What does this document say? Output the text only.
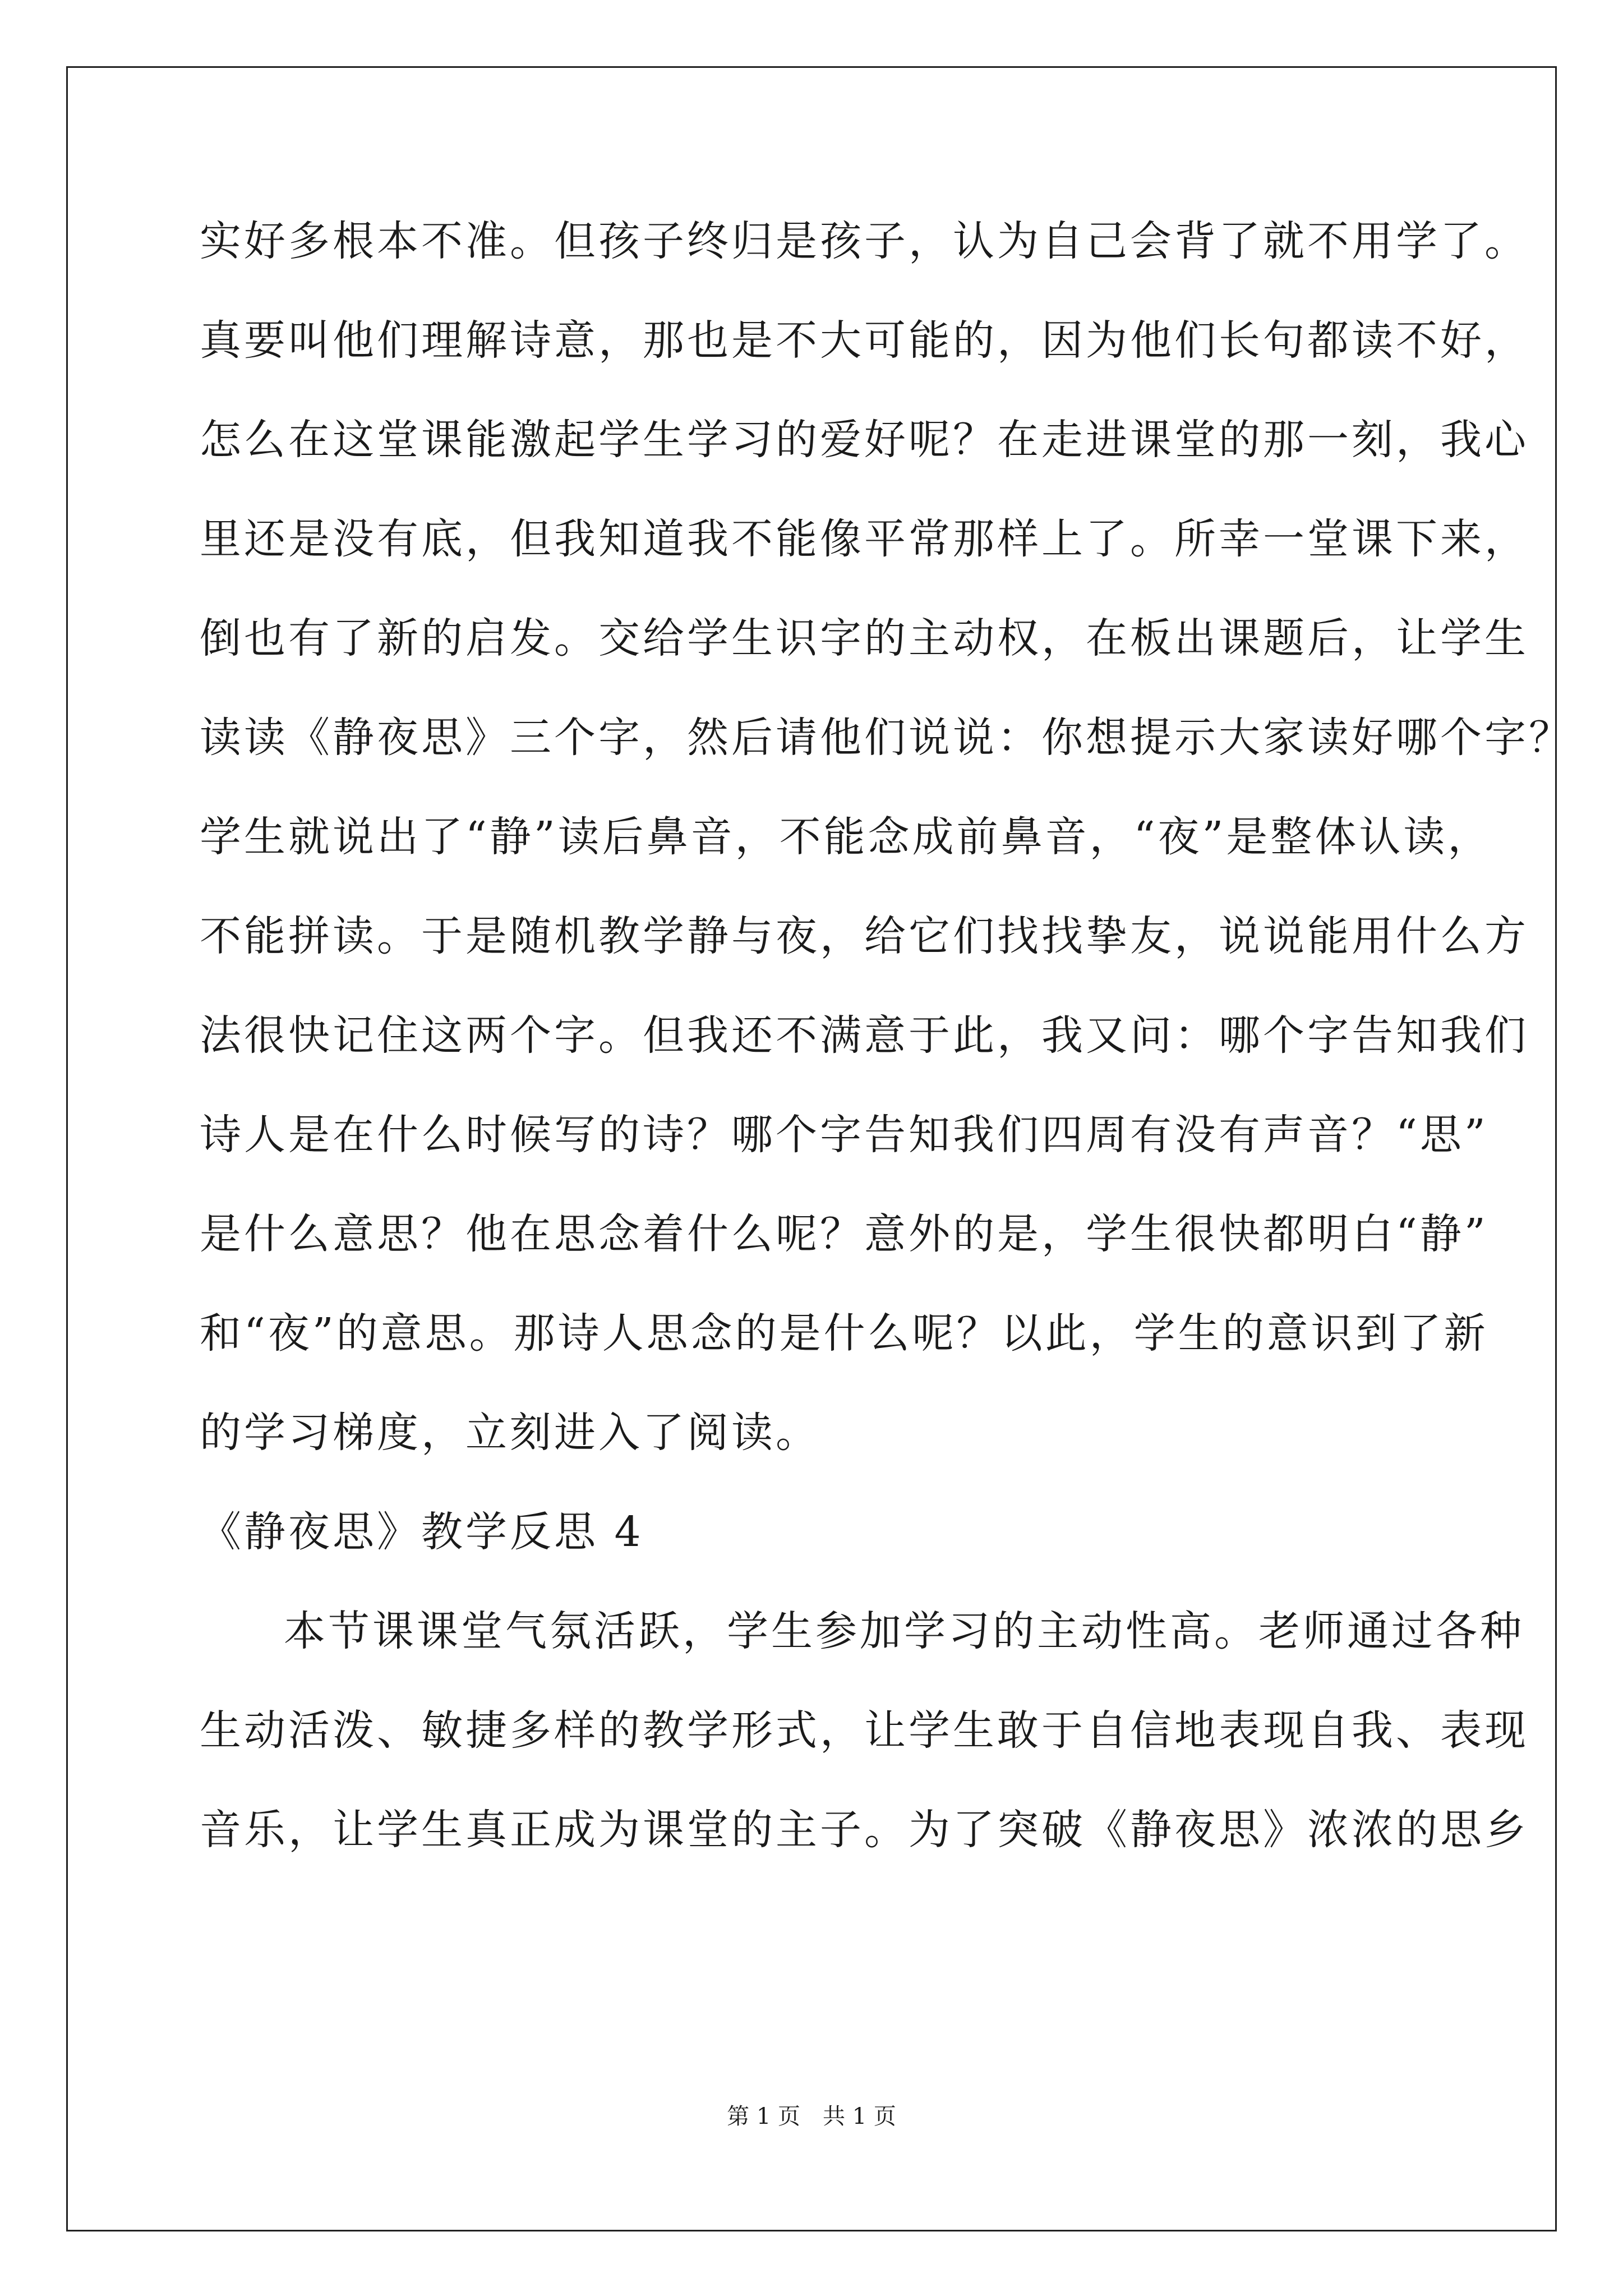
实好多根本不准。但孩子终归是孩子，认为自己会背了就不用学了。
真要叫他们理解诗意，那也是不大可能的，因为他们长句都读不好，
怎么在这堂课能激起学生学习的爱好呢？在走进课堂的那一刻，我心
里还是没有底，但我知道我不能像平常那样上了。所幸一堂课下来，
倒也有了新的启发。交给学生识字的主动权，在板出课题后，让学生
读读《静夜思》三个字，然后请他们说说：你想提示大家读好哪个字？
学生就说出了“静”读后鼻音，不能念成前鼻音，“夜”是整体认读，
不能拼读。于是随机教学静与夜，给它们找找挚友，说说能用什么方
法很快记住这两个字。但我还不满意于此，我又问：哪个字告知我们
诗人是在什么时候写的诗？哪个字告知我们四周有没有声音？“思”
是什么意思？他在思念着什么呢？意外的是，学生很快都明白“静”
和“夜”的意思。那诗人思念的是什么呢？以此，学生的意识到了新
的学习梯度，立刻进入了阅读。
《静夜思》教学反思 4
本节课课堂气氛活跃，学生参加学习的主动性高。老师通过各种
生动活泼、敏捷多样的教学形式，让学生敢于自信地表现自我、表现
音乐，让学生真正成为课堂的主子。为了突破《静夜思》浓浓的思乡
第 1 页　共 1 页
